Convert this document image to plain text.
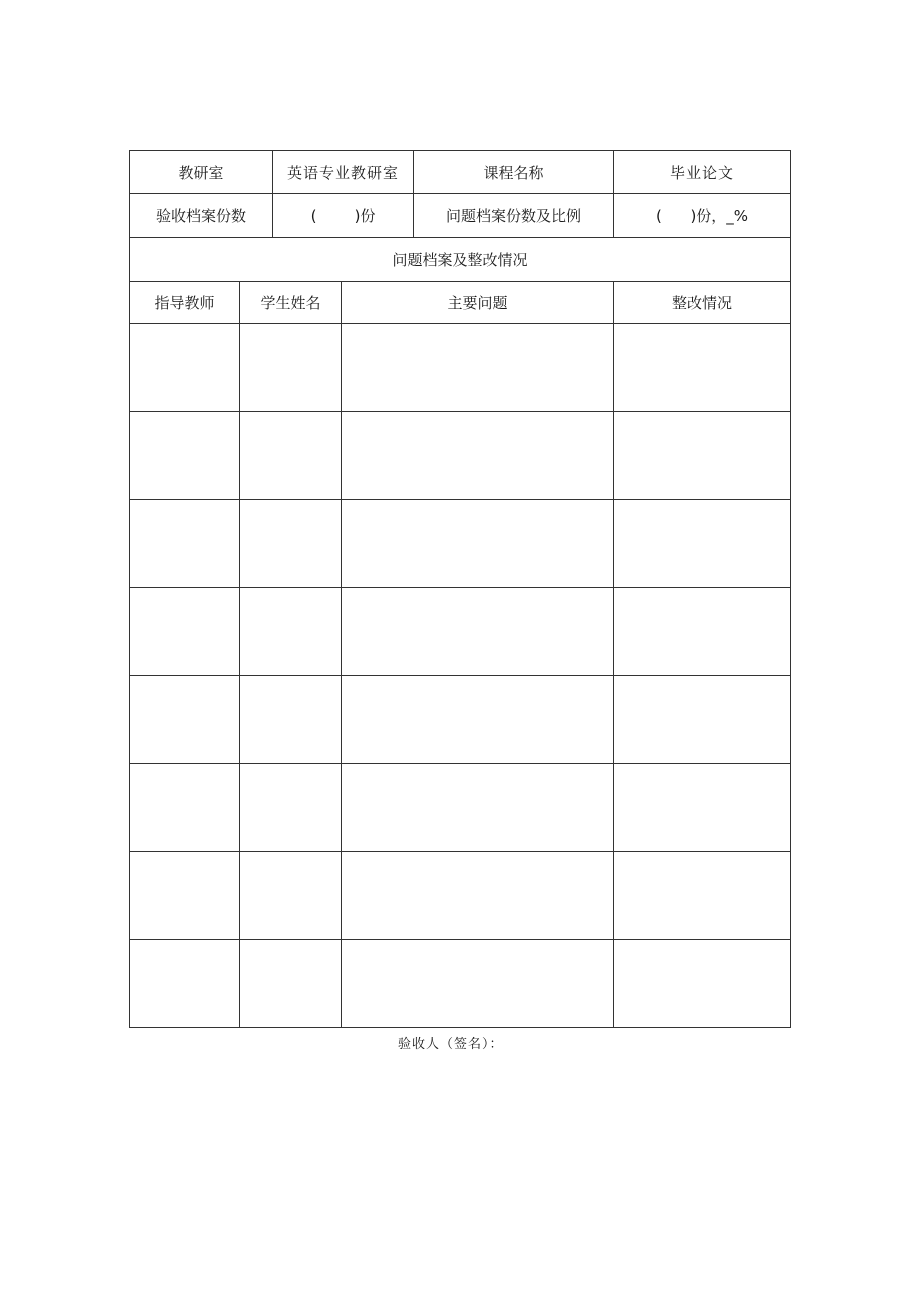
教研室		英语专业教研室		课程名称	毕业论文
验收档案份数		(        )份		问题档案份数及比例	(      )份，_%
问题档案及整改情况					
指导教师	学生姓名		主要问题		整改情况

验收人（签名）：
